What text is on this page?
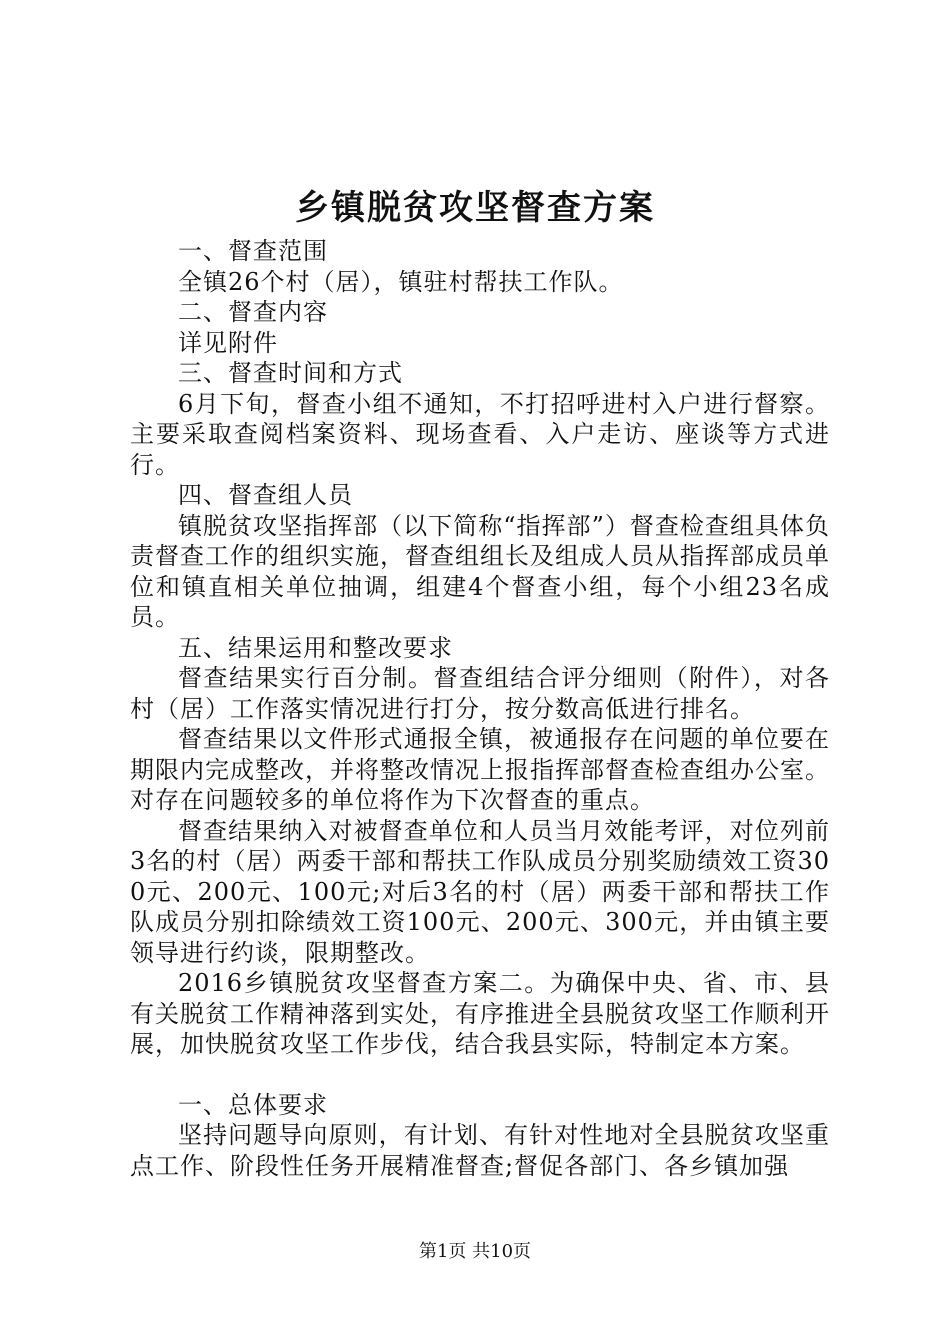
乡镇脱贫攻坚督查方案

一、督查范围

全镇26个村（居），镇驻村帮扶工作队。

二、督查内容

详见附件

三、督查时间和方式

6月下旬，督查小组不通知，不打招呼进村入户进行督察。主要采取查阅档案资料、现场查看、入户走访、座谈等方式进行。

四、督查组人员

镇脱贫攻坚指挥部（以下简称“指挥部”）督查检查组具体负责督查工作的组织实施，督查组组长及组成人员从指挥部成员单位和镇直相关单位抽调，组建4个督查小组，每个小组23名成员。

五、结果运用和整改要求

督查结果实行百分制。督查组结合评分细则（附件），对各村（居）工作落实情况进行打分，按分数高低进行排名。

督查结果以文件形式通报全镇，被通报存在问题的单位要在期限内完成整改，并将整改情况上报指挥部督查检查组办公室。对存在问题较多的单位将作为下次督查的重点。

督查结果纳入对被督查单位和人员当月效能考评，对位列前3名的村（居）两委干部和帮扶工作队成员分别奖励绩效工资300元、200元、100元;对后3名的村（居）两委干部和帮扶工作队成员分别扣除绩效工资100元、200元、300元，并由镇主要领导进行约谈，限期整改。

2016乡镇脱贫攻坚督查方案二。为确保中央、省、市、县有关脱贫工作精神落到实处，有序推进全县脱贫攻坚工作顺利开展，加快脱贫攻坚工作步伐，结合我县实际，特制定本方案。

一、总体要求

坚持问题导向原则，有计划、有针对性地对全县脱贫攻坚重点工作、阶段性任务开展精准督查;督促各部门、各乡镇加强

第1页 共10页
